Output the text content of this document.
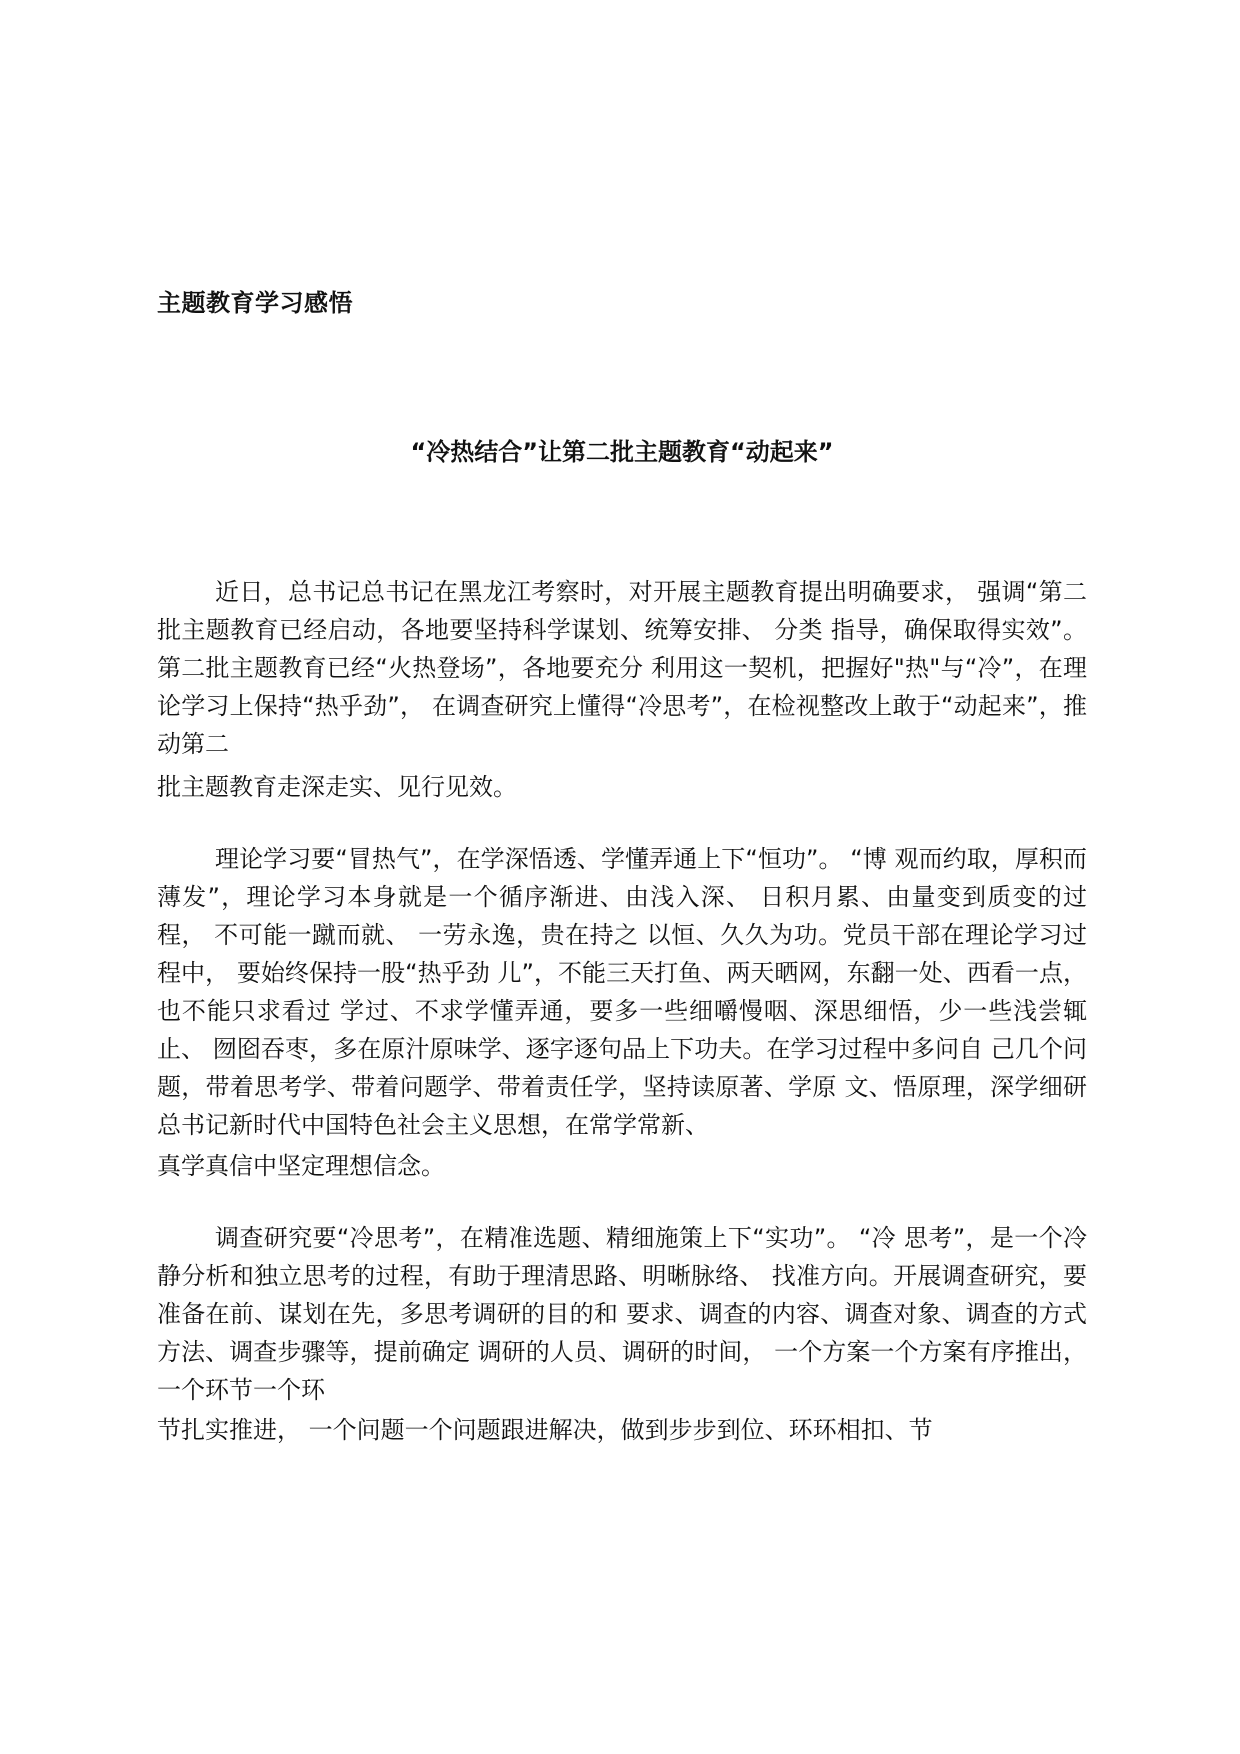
主题教育学习感悟
“冷热结合”让第二批主题教育“动起来”

近日，总书记总书记在黑龙江考察时，对开展主题教育提出明确要求， 强调“第二批主题教育已经启动，各地要坚持科学谋划、统筹安排、 分类 指导，确保取得实效”。第二批主题教育已经“火热登场”，各地要充分 利用这一契机，把握好"热"与“冷”，在理论学习上保持“热乎劲”， 在调查研究上懂得“冷思考”，在检视整改上敢于“动起来”，推动第二

批主题教育走深走实、见行见效。

理论学习要“冒热气”，在学深悟透、学懂弄通上下“恒功”。 “博 观而约取，厚积而薄发”，理论学习本身就是一个循序渐进、由浅入深、 日积月累、由量变到质变的过程， 不可能一蹴而就、 一劳永逸，贵在持之 以恒、久久为功。党员干部在理论学习过程中， 要始终保持一股“热乎劲 儿”，不能三天打鱼、两天晒网，东翻一处、西看一点，也不能只求看过 学过、不求学懂弄通，要多一些细嚼慢咽、深思细悟，少一些浅尝辄止、 囫囵吞枣，多在原汁原味学、逐字逐句品上下功夫。在学习过程中多问自 己几个问题，带着思考学、带着问题学、带着责任学，坚持读原著、学原 文、悟原理，深学细研总书记新时代中国特色社会主义思想，在常学常新、

真学真信中坚定理想信念。

调查研究要“冷思考”，在精准选题、精细施策上下“实功”。 “冷 思考”，是一个冷静分析和独立思考的过程，有助于理清思路、明晰脉络、 找准方向。开展调查研究，要准备在前、谋划在先，多思考调研的目的和 要求、调查的内容、调查对象、调查的方式方法、调查步骤等，提前确定 调研的人员、调研的时间， 一个方案一个方案有序推出， 一个环节一个环

节扎实推进， 一个问题一个问题跟进解决，做到步步到位、环环相扣、节
